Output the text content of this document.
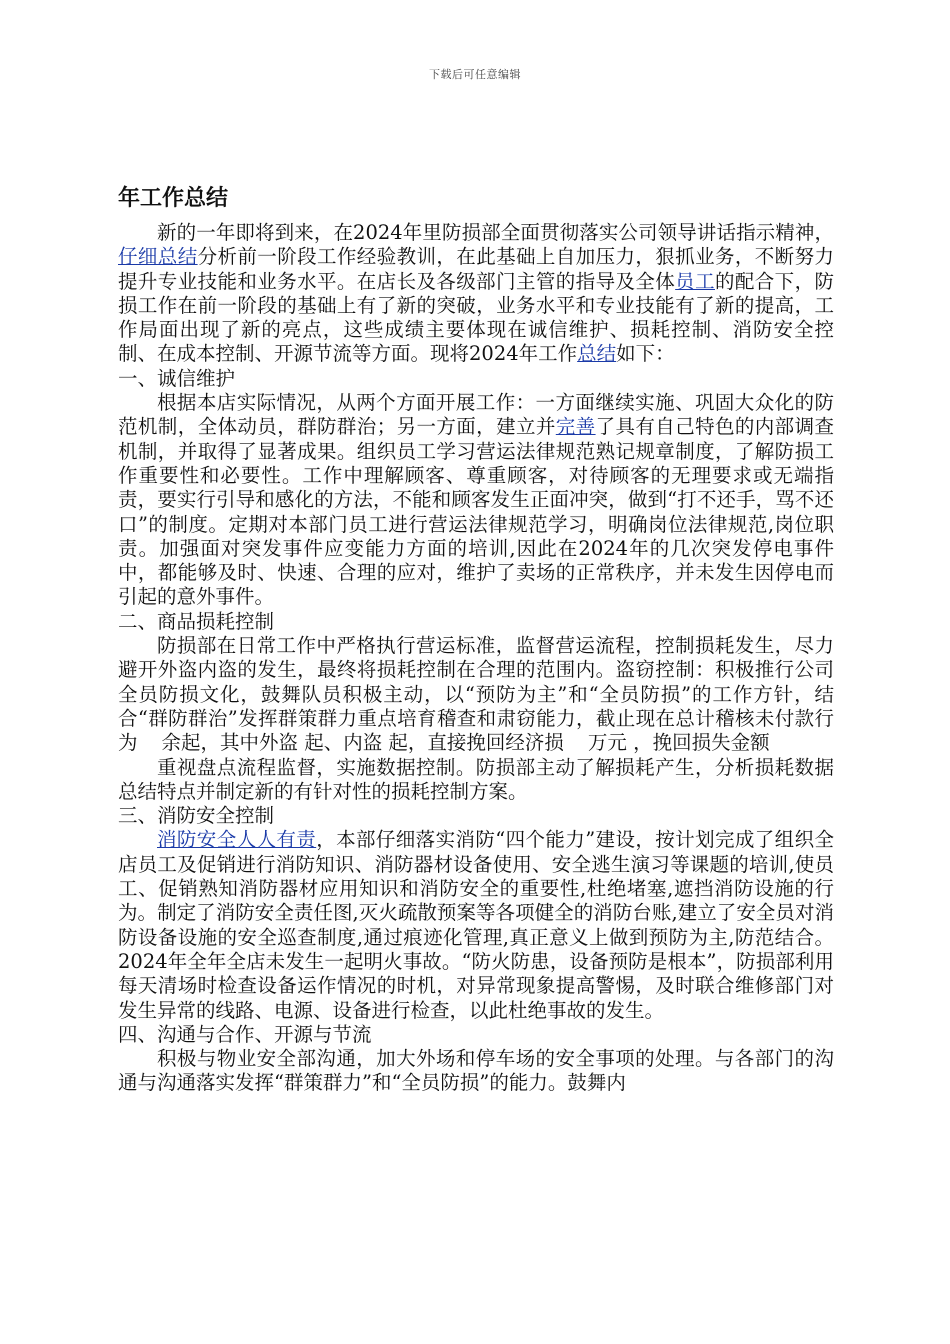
下载后可任意编辑
年工作总结

新的一年即将到来，在2024年里防损部全面贯彻落实公司领导讲话指示精神，仔细总结分析前一阶段工作经验教训，在此基础上自加压力，狠抓业务，不断努力提升专业技能和业务水平。在店长及各级部门主管的指导及全体员工的配合下，防损工作在前一阶段的基础上有了新的突破，业务水平和专业技能有了新的提高，工作局面出现了新的亮点，这些成绩主要体现在诚信维护、损耗控制、消防安全控制、在成本控制、开源节流等方面。现将2024年工作总结如下：

一、诚信维护

根据本店实际情况，从两个方面开展工作：一方面继续实施、巩固大众化的防范机制，全体动员，群防群治；另一方面，建立并完善了具有自己特色的内部调查机制，并取得了显著成果。组织员工学习营运法律规范熟记规章制度，了解防损工作重要性和必要性。工作中理解顾客、尊重顾客，对待顾客的无理要求或无端指责，要实行引导和感化的方法，不能和顾客发生正面冲突，做到“打不还手，骂不还口”的制度。定期对本部门员工进行营运法律规范学习，明确岗位法律规范,岗位职责。加强面对突发事件应变能力方面的培训,因此在2024年的几次突发停电事件中，都能够及时、快速、合理的应对，维护了卖场的正常秩序，并未发生因停电而引起的意外事件。

二、商品损耗控制

防损部在日常工作中严格执行营运标准，监督营运流程，控制损耗发生，尽力避开外盗内盗的发生，最终将损耗控制在合理的范围内。盗窃控制：积极推行公司全员防损文化，鼓舞队员积极主动，以“预防为主”和“全员防损”的工作方针，结合“群防群治”发挥群策群力重点培育稽查和肃窃能力，截止现在总计稽核未付款行为 余起，其中外盗 起、内盗 起，直接挽回经济损 万元 ，挽回损失金额

重视盘点流程监督，实施数据控制。防损部主动了解损耗产生，分析损耗数据总结特点并制定新的有针对性的损耗控制方案。

三、消防安全控制

消防安全人人有责，本部仔细落实消防“四个能力”建设，按计划完成了组织全店员工及促销进行消防知识、消防器材设备使用、安全逃生演习等课题的培训,使员工、促销熟知消防器材应用知识和消防安全的重要性,杜绝堵塞,遮挡消防设施的行为。制定了消防安全责任图,灭火疏散预案等各项健全的消防台账,建立了安全员对消防设备设施的安全巡查制度,通过痕迹化管理,真正意义上做到预防为主,防范结合。2024年全年全店未发生一起明火事故。“防火防患，设备预防是根本”，防损部利用每天清场时检查设备运作情况的时机，对异常现象提高警惕，及时联合维修部门对发生异常的线路、电源、设备进行检查，以此杜绝事故的发生。

四、沟通与合作、开源与节流

积极与物业安全部沟通，加大外场和停车场的安全事项的处理。与各部门的沟通与沟通落实发挥“群策群力”和“全员防损”的能力。鼓舞内
